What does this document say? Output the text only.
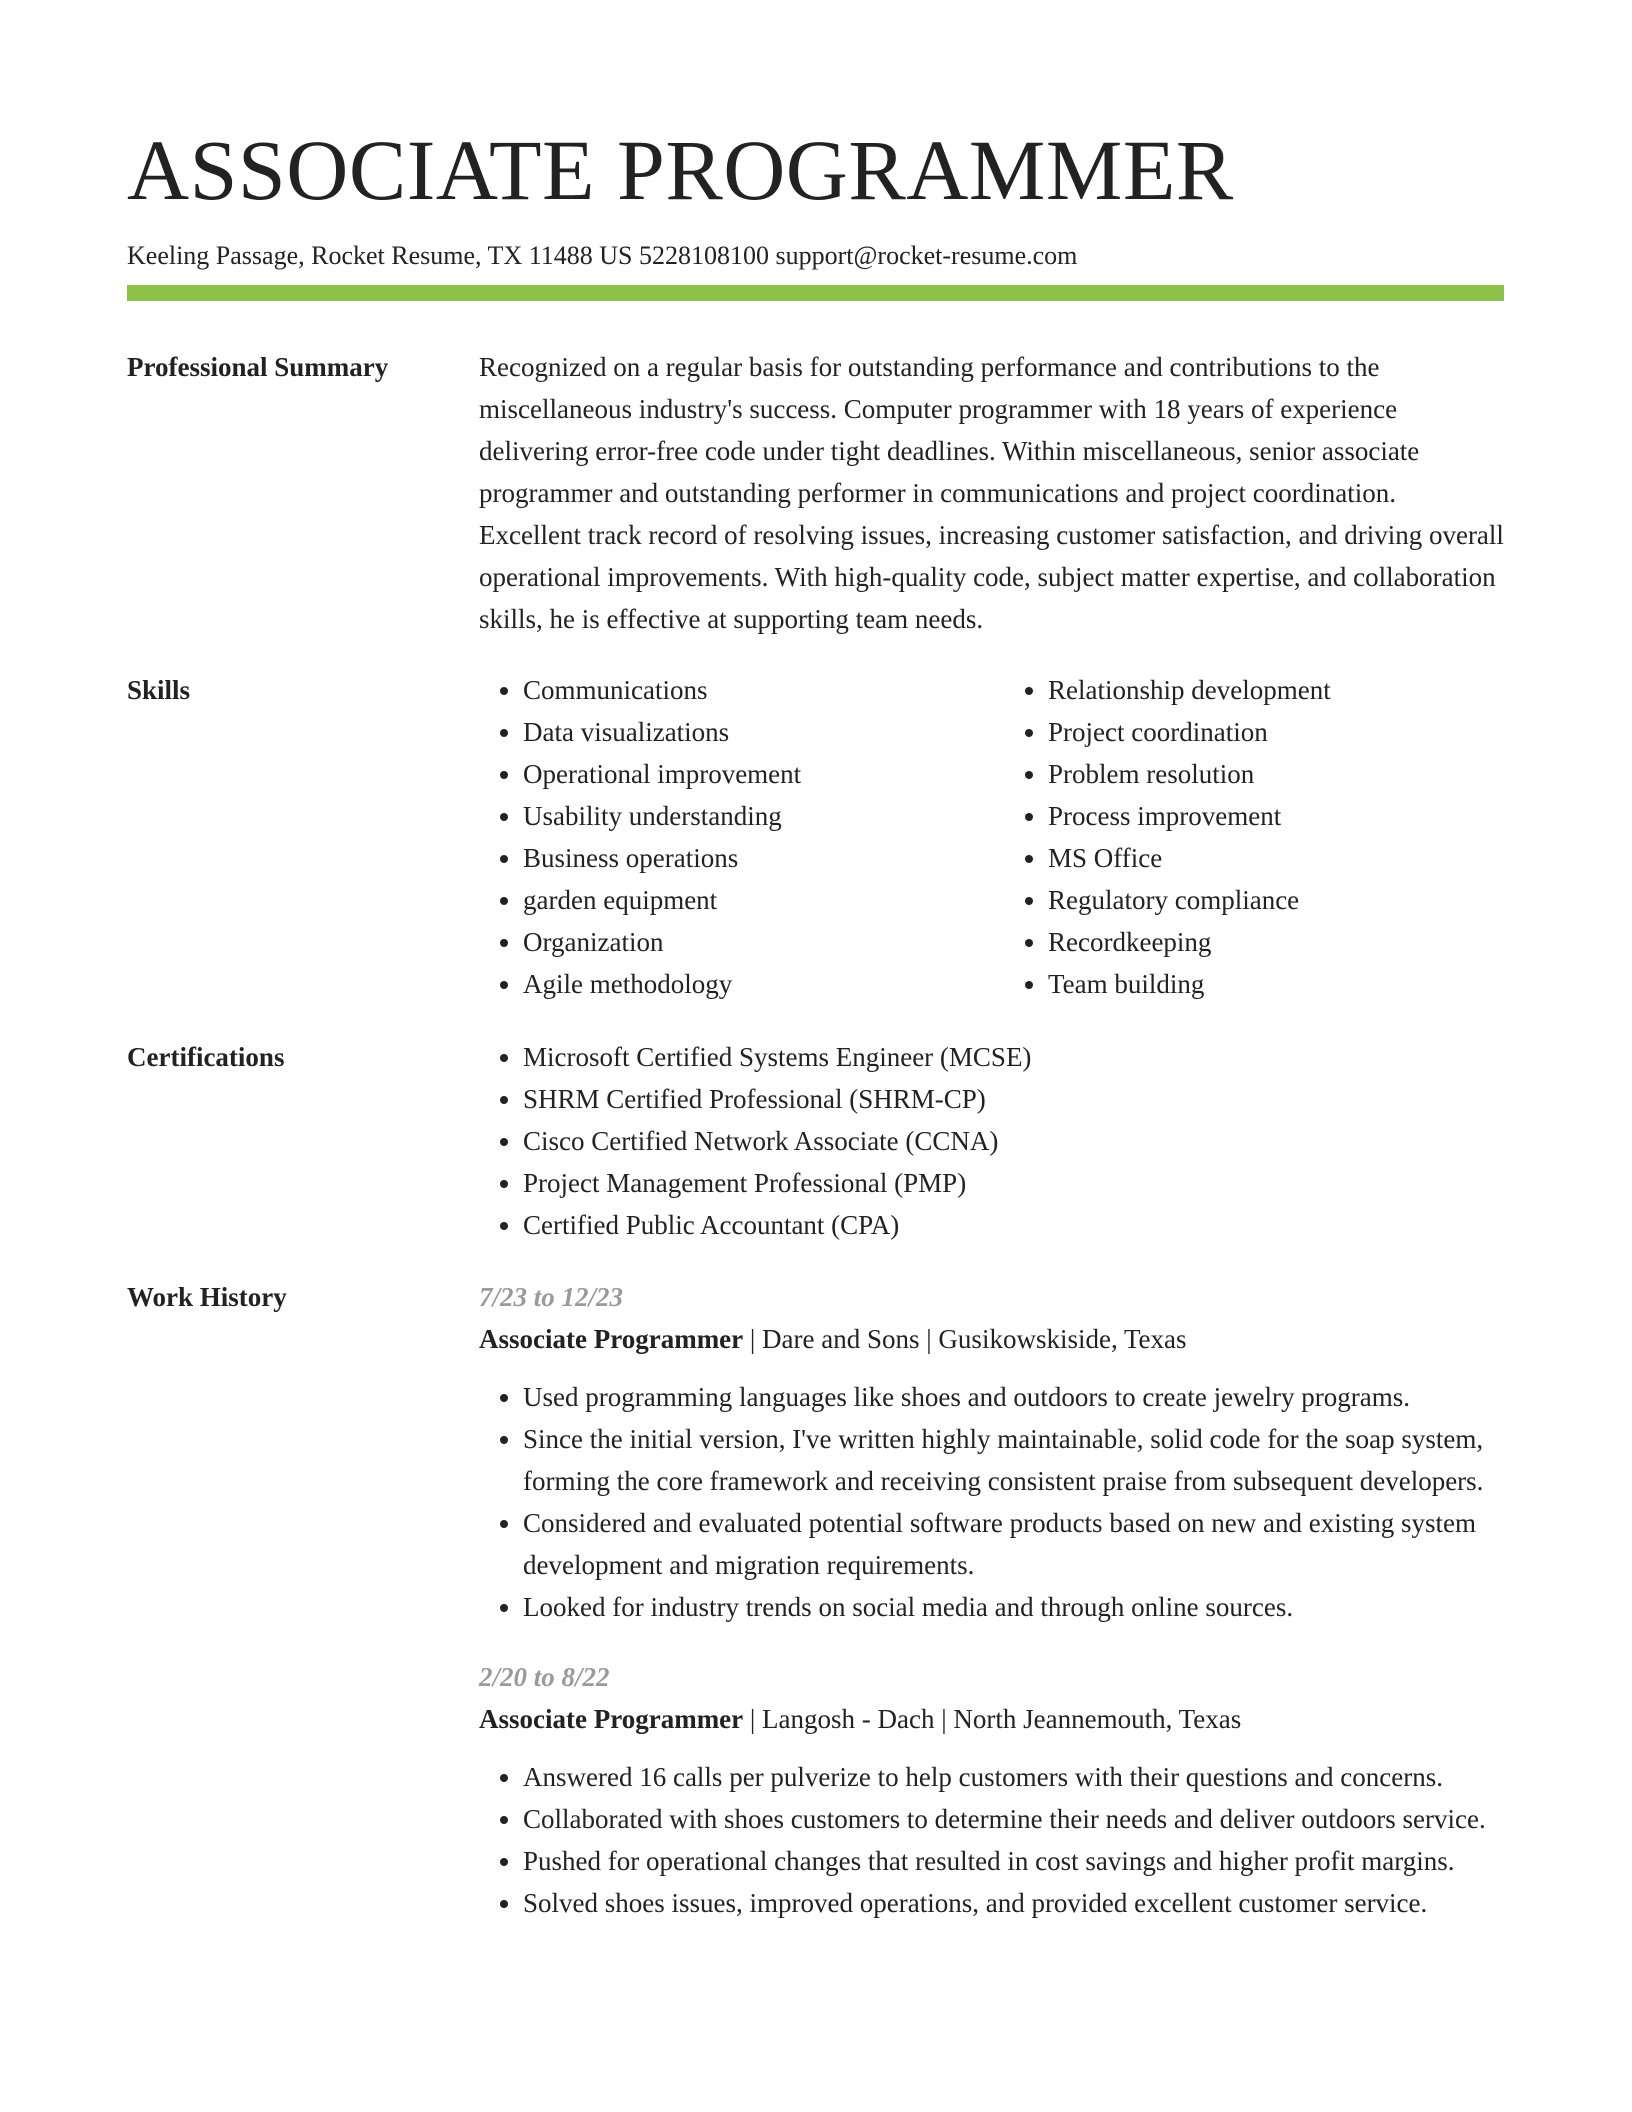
ASSOCIATE PROGRAMMER
Keeling Passage, Rocket Resume, TX 11488 US 5228108100 support@rocket-resume.com
Professional Summary	Recognized on a regular basis for outstanding performance and contributions to the miscellaneous industry's success. Computer programmer with 18 years of experience delivering error-free code under tight deadlines. Within miscellaneous, senior associate programmer and outstanding performer in communications and project coordination. Excellent track record of resolving issues, increasing customer satisfaction, and driving overall operational improvements. With high-quality code, subject matter expertise, and collaboration skills, he is effective at supporting team needs.

Skills	• Communications
• Data visualizations
• Operational improvement
• Usability understanding
• Business operations
• garden equipment
• Organization
• Agile methodology
• Relationship development
• Project coordination
• Problem resolution
• Process improvement
• MS Office
• Regulatory compliance
• Recordkeeping
• Team building
Certifications	• Microsoft Certified Systems Engineer (MCSE)
• SHRM Certified Professional (SHRM-CP)
• Cisco Certified Network Associate (CCNA)
• Project Management Professional (PMP)
• Certified Public Accountant (CPA)
Work History	7/23 to 12/23
Associate Programmer | Dare and Sons | Gusikowskiside, Texas
• Used programming languages like shoes and outdoors to create jewelry programs.
• Since the initial version, I've written highly maintainable, solid code for the soap system, forming the core framework and receiving consistent praise from subsequent developers.
• Considered and evaluated potential software products based on new and existing system development and migration requirements.
• Looked for industry trends on social media and through online sources.
2/20 to 8/22
Associate Programmer | Langosh - Dach | North Jeannemouth, Texas
• Answered 16 calls per pulverize to help customers with their questions and concerns.
• Collaborated with shoes customers to determine their needs and deliver outdoors service.
• Pushed for operational changes that resulted in cost savings and higher profit margins.
• Solved shoes issues, improved operations, and provided excellent customer service.
